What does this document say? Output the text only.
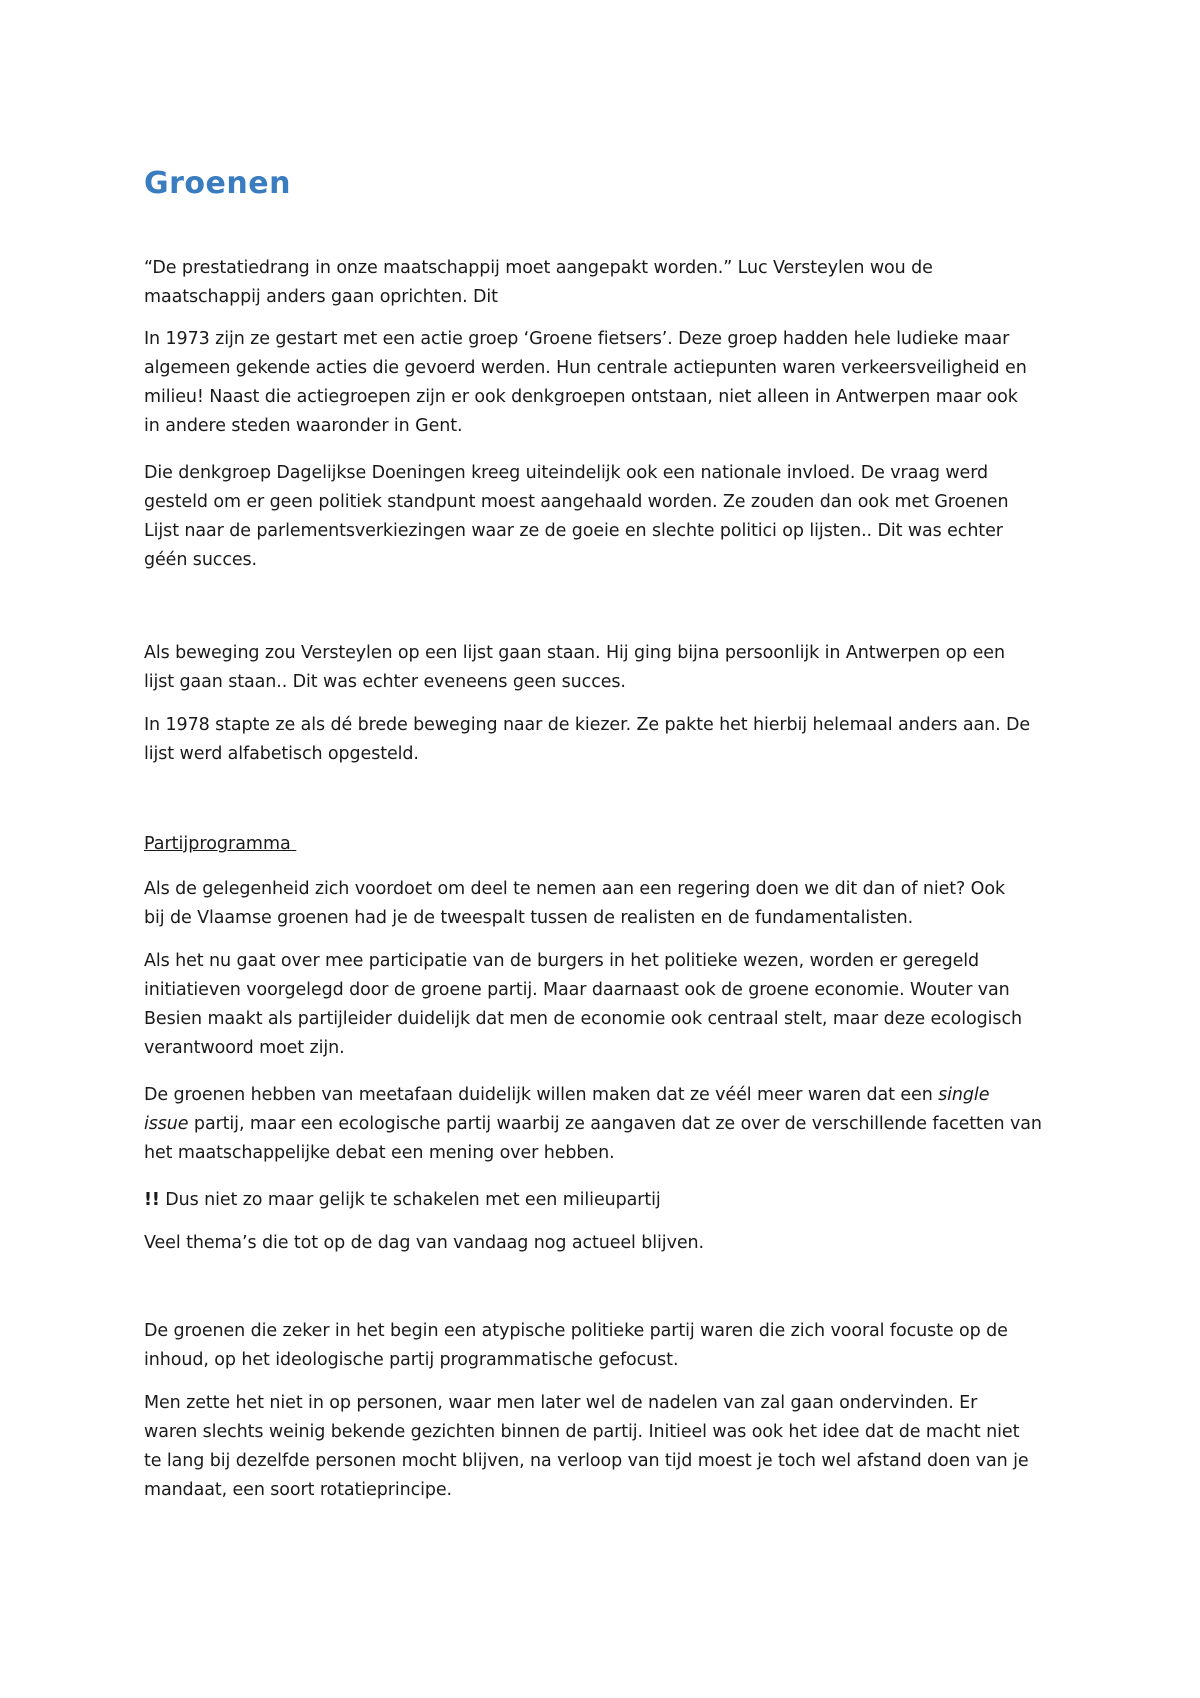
Groenen

“De prestatiedrang in onze maatschappij moet aangepakt worden.” Luc Versteylen wou de
maatschappij anders gaan oprichten. Dit

In 1973 zijn ze gestart met een actie groep ‘Groene fietsers’. Deze groep hadden hele ludieke maar
algemeen gekende acties die gevoerd werden. Hun centrale actiepunten waren verkeersveiligheid en
milieu! Naast die actiegroepen zijn er ook denkgroepen ontstaan, niet alleen in Antwerpen maar ook
in andere steden waaronder in Gent.

Die denkgroep Dagelijkse Doeningen kreeg uiteindelijk ook een nationale invloed. De vraag werd
gesteld om er geen politiek standpunt moest aangehaald worden. Ze zouden dan ook met Groenen
Lijst naar de parlementsverkiezingen waar ze de goeie en slechte politici op lijsten.. Dit was echter
géén succes.

Als beweging zou Versteylen op een lijst gaan staan. Hij ging bijna persoonlijk in Antwerpen op een
lijst gaan staan.. Dit was echter eveneens geen succes.

In 1978 stapte ze als dé brede beweging naar de kiezer. Ze pakte het hierbij helemaal anders aan. De
lijst werd alfabetisch opgesteld.

Partijprogramma

Als de gelegenheid zich voordoet om deel te nemen aan een regering doen we dit dan of niet? Ook
bij de Vlaamse groenen had je de tweespalt tussen de realisten en de fundamentalisten.

Als het nu gaat over mee participatie van de burgers in het politieke wezen, worden er geregeld
initiatieven voorgelegd door de groene partij. Maar daarnaast ook de groene economie. Wouter van
Besien maakt als partijleider duidelijk dat men de economie ook centraal stelt, maar deze ecologisch
verantwoord moet zijn.

De groenen hebben van meetafaan duidelijk willen maken dat ze véél meer waren dat een single
issue partij, maar een ecologische partij waarbij ze aangaven dat ze over de verschillende facetten van
het maatschappelijke debat een mening over hebben.

!! Dus niet zo maar gelijk te schakelen met een milieupartij

Veel thema’s die tot op de dag van vandaag nog actueel blijven.

De groenen die zeker in het begin een atypische politieke partij waren die zich vooral focuste op de
inhoud, op het ideologische partij programmatische gefocust.

Men zette het niet in op personen, waar men later wel de nadelen van zal gaan ondervinden. Er
waren slechts weinig bekende gezichten binnen de partij. Initieel was ook het idee dat de macht niet
te lang bij dezelfde personen mocht blijven, na verloop van tijd moest je toch wel afstand doen van je
mandaat, een soort rotatieprincipe.
